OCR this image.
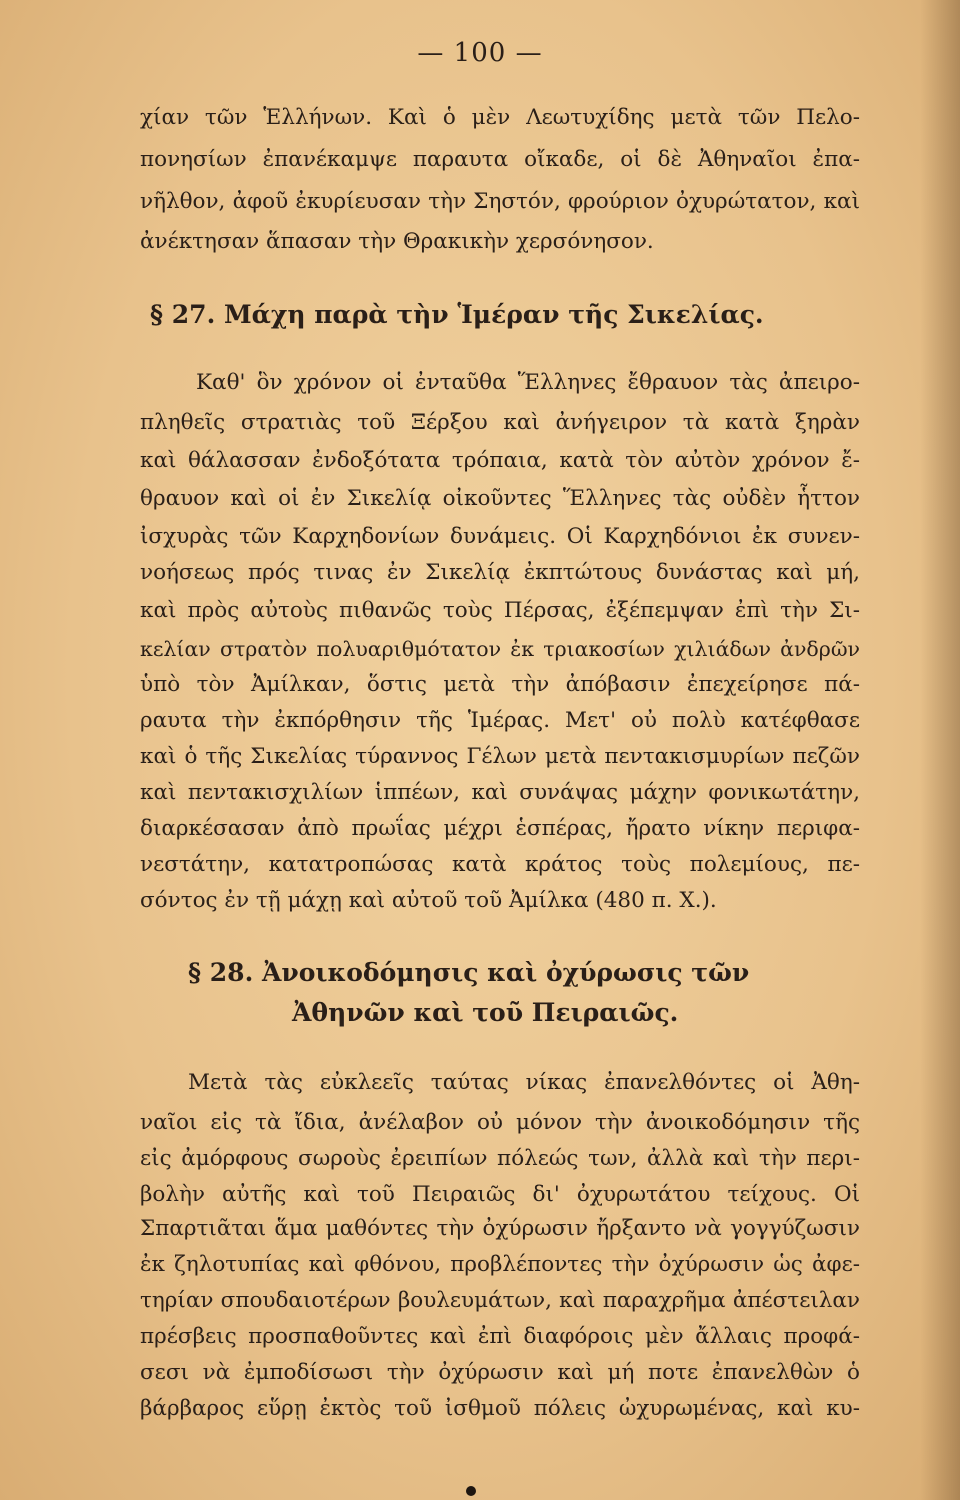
— 100 —
χίαν τῶν Ἑλλήνων. Καὶ ὁ μὲν Λεωτυχίδης μετὰ τῶν Πελο-
πονησίων ἐπανέκαμψε παραυτα οἴκαδε, οἱ δὲ Ἀθηναῖοι ἐπα-
νῆλθον, ἀφοῦ ἐκυρίευσαν τὴν Σηστόν, φρούριον ὀχυρώτατον, καὶ
ἀνέκτησαν ἅπασαν τὴν Θρακικὴν χερσόνησον.
§ 27. Μάχη παρὰ τὴν Ἱμέραν τῆς Σικελίας.
Καθ' ὃν χρόνον οἱ ἐνταῦθα Ἕλληνες ἔθραυον τὰς ἀπειρο-
πληθεῖς στρατιὰς τοῦ Ξέρξου καὶ ἀνήγειρον τὰ κατὰ ξηρὰν
καὶ θάλασσαν ἐνδοξότατα τρόπαια, κατὰ τὸν αὐτὸν χρόνον ἔ-
θραυον καὶ οἱ ἐν Σικελίᾳ οἰκοῦντες Ἕλληνες τὰς οὐδὲν ἧττον
ἰσχυρὰς τῶν Καρχηδονίων δυνάμεις. Οἱ Καρχηδόνιοι ἐκ συνεν-
νοήσεως πρός τινας ἐν Σικελίᾳ ἐκπτώτους δυνάστας καὶ μή,
καὶ πρὸς αὐτοὺς πιθανῶς τοὺς Πέρσας, ἐξέπεμψαν ἐπὶ τὴν Σι-
κελίαν στρατὸν πολυαριθμότατον ἐκ τριακοσίων χιλιάδων ἀνδρῶν
ὑπὸ τὸν Ἀμίλκαν, ὅστις μετὰ τὴν ἀπόβασιν ἐπεχείρησε πά-
ραυτα τὴν ἐκπόρθησιν τῆς Ἱμέρας. Μετ' οὐ πολὺ κατέφθασε
καὶ ὁ τῆς Σικελίας τύραννος Γέλων μετὰ πεντακισμυρίων πεζῶν
καὶ πεντακισχιλίων ἱππέων, καὶ συνάψας μάχην φονικωτάτην,
διαρκέσασαν ἀπὸ πρωΐας μέχρι ἑσπέρας, ἤρατο νίκην περιφα-
νεστάτην, κατατροπώσας κατὰ κράτος τοὺς πολεμίους, πε-
σόντος ἐν τῇ μάχῃ καὶ αὐτοῦ τοῦ Ἀμίλκα (480 π. Χ.).
§ 28. Ἀνοικοδόμησις καὶ ὀχύρωσις τῶν
Ἀθηνῶν καὶ τοῦ Πειραιῶς.
Μετὰ τὰς εὐκλεεῖς ταύτας νίκας ἐπανελθόντες οἱ Ἀθη-
ναῖοι εἰς τὰ ἴδια, ἀνέλαβον οὐ μόνον τὴν ἀνοικοδόμησιν τῆς
εἰς ἀμόρφους σωροὺς ἐρειπίων πόλεώς των, ἀλλὰ καὶ τὴν περι-
βολὴν αὐτῆς καὶ τοῦ Πειραιῶς δι' ὀχυρωτάτου τείχους. Οἱ
Σπαρτιᾶται ἅμα μαθόντες τὴν ὀχύρωσιν ἤρξαντο νὰ γογγύζωσιν
ἐκ ζηλοτυπίας καὶ φθόνου, προβλέποντες τὴν ὀχύρωσιν ὡς ἀφε-
τηρίαν σπουδαιοτέρων βουλευμάτων, καὶ παραχρῆμα ἀπέστειλαν
πρέσβεις προσπαθοῦντες καὶ ἐπὶ διαφόροις μὲν ἄλλαις προφά-
σεσι νὰ ἐμποδίσωσι τὴν ὀχύρωσιν καὶ μή ποτε ἐπανελθὼν ὁ
βάρβαρος εὕρῃ ἐκτὸς τοῦ ἰσθμοῦ πόλεις ὠχυρωμένας, καὶ κυ-
